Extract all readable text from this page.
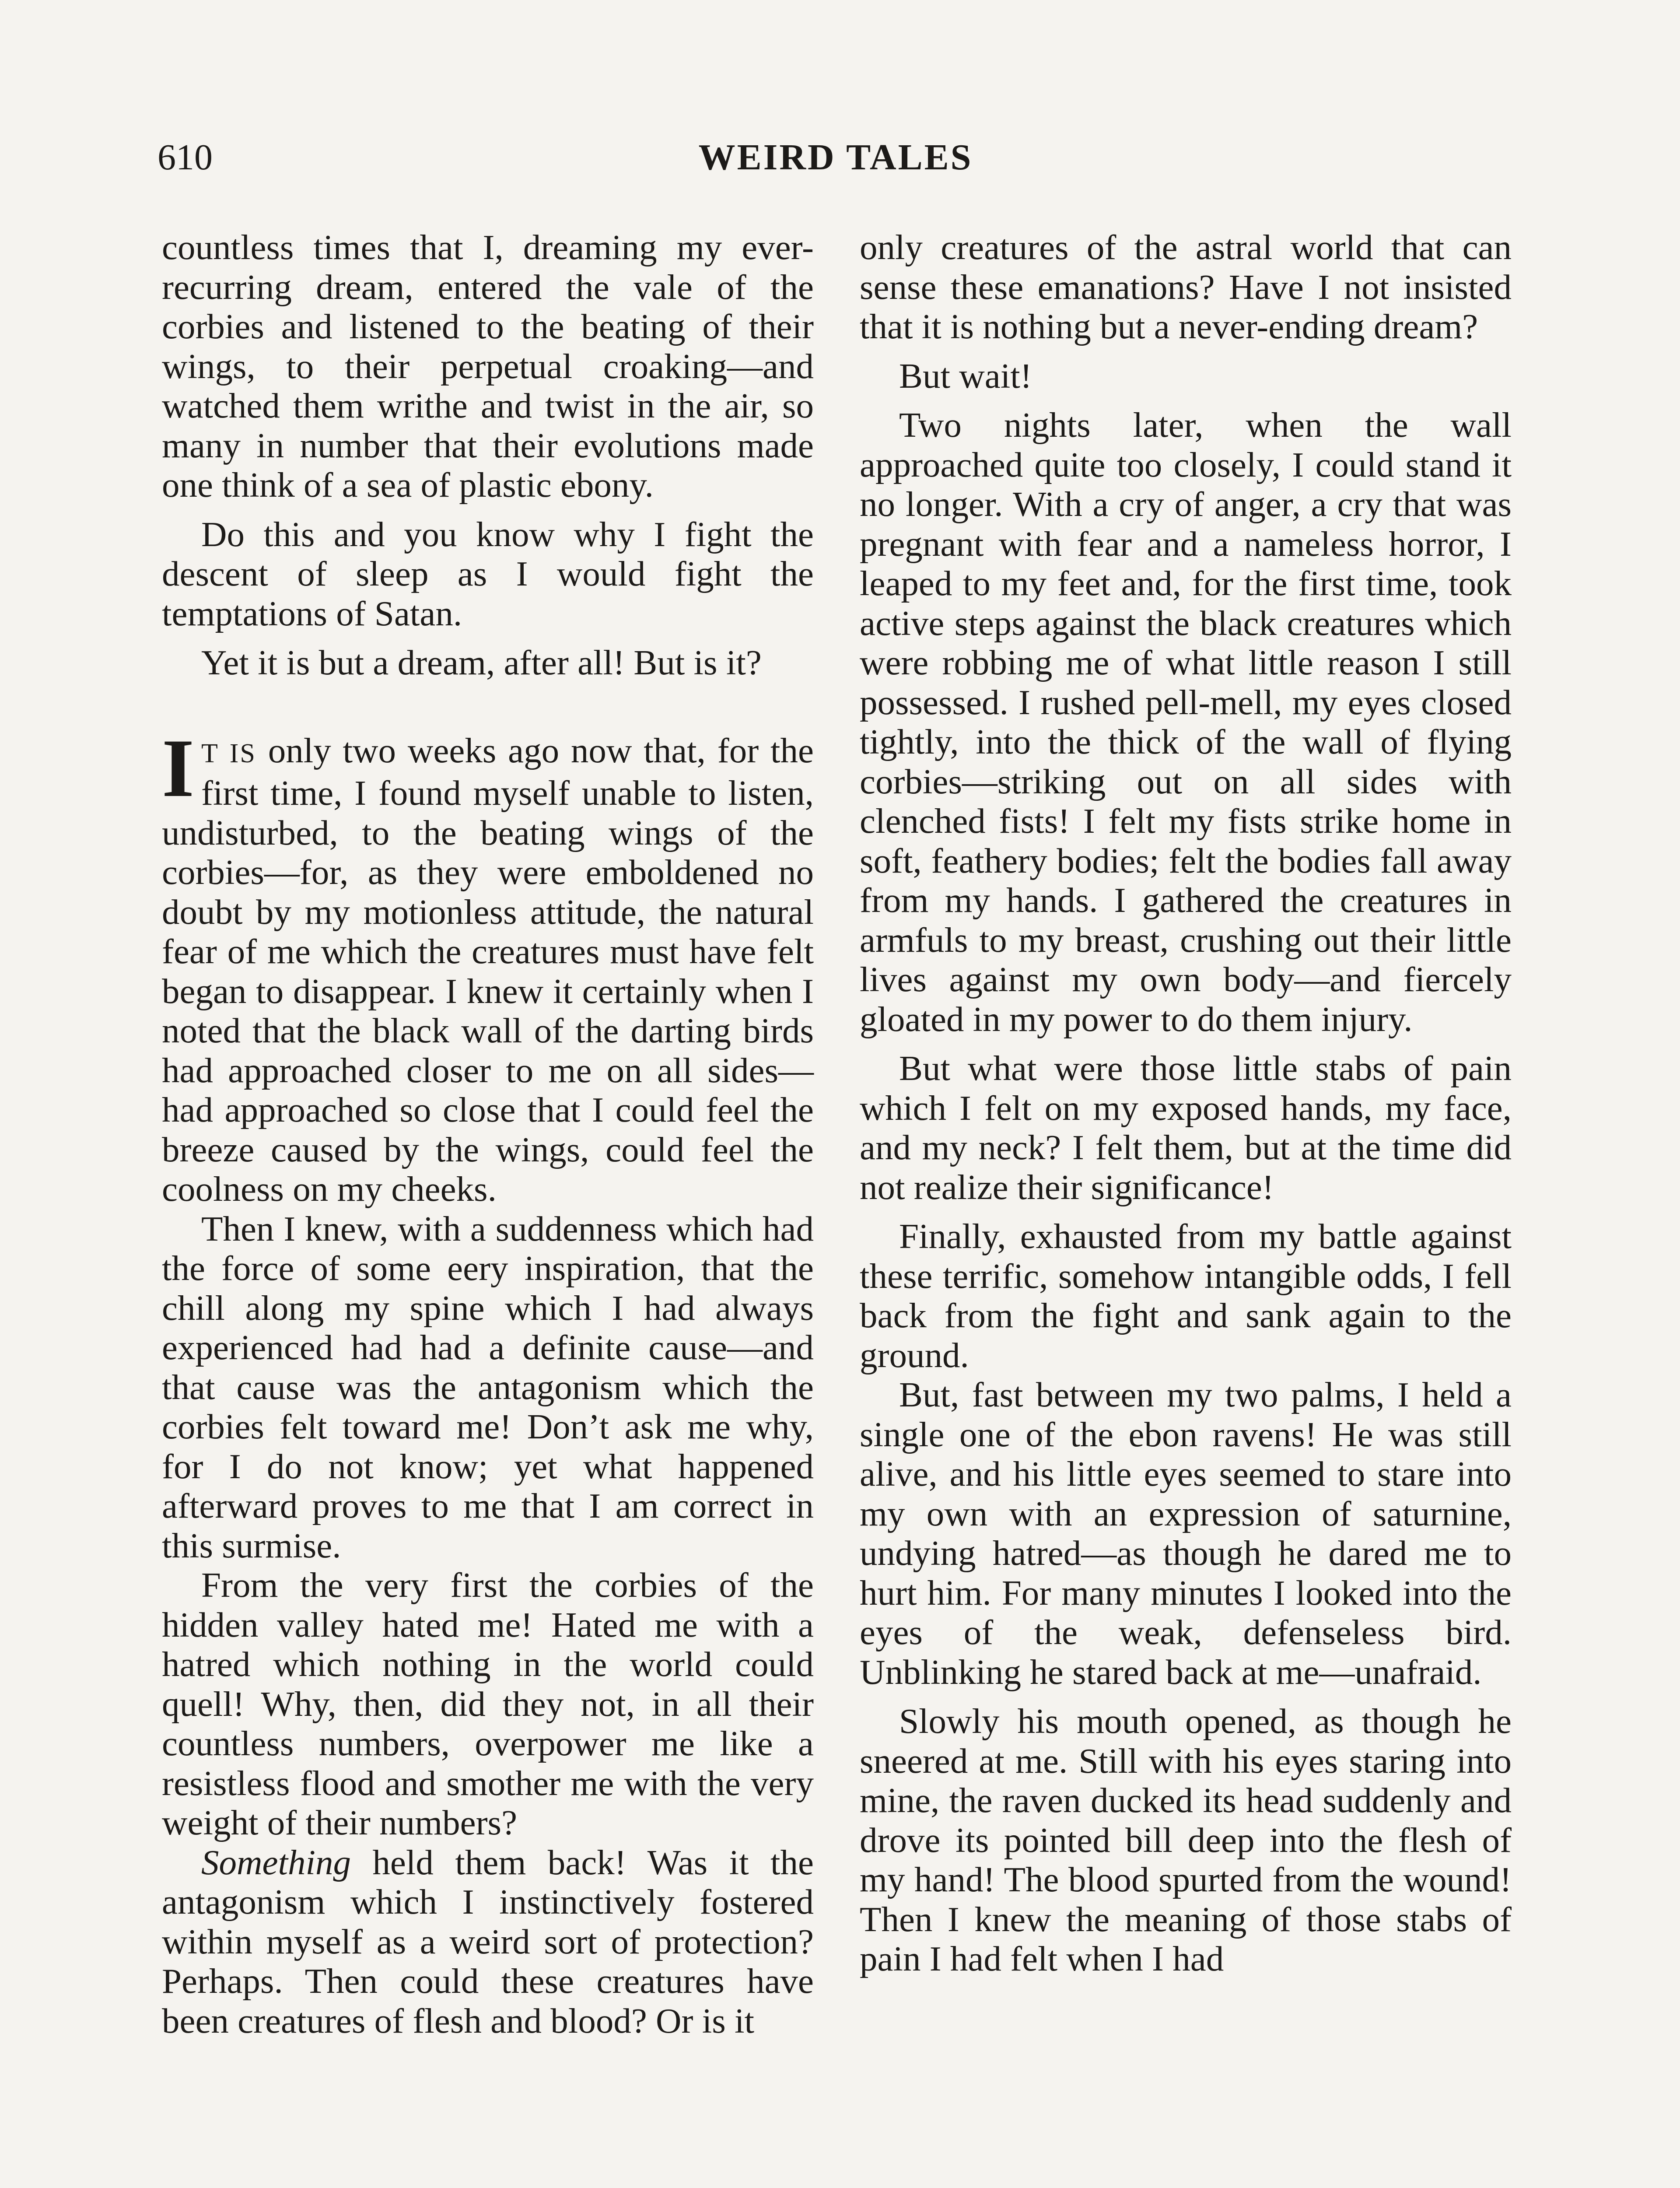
610	WEIRD TALES

countless times that I, dreaming my ever-recurring dream, entered the vale of the corbies and listened to the beating of their wings, to their perpetual croaking—and watched them writhe and twist in the air, so many in number that their evolutions made one think of a sea of plastic ebony.

Do this and you know why I fight the descent of sleep as I would fight the temptations of Satan.

Yet it is but a dream, after all! But is it?

I T IS only two weeks ago now that, for the first time, I found myself unable to listen, undisturbed, to the beating wings of the corbies—for, as they were emboldened no doubt by my motionless attitude, the natural fear of me which the creatures must have felt began to disappear. I knew it certainly when I noted that the black wall of the darting birds had approached closer to me on all sides—had approached so close that I could feel the breeze caused by the wings, could feel the coolness on my cheeks.

Then I knew, with a suddenness which had the force of some eery inspiration, that the chill along my spine which I had always experienced had had a definite cause—and that cause was the antagonism which the corbies felt toward me! Don’t ask me why, for I do not know; yet what happened afterward proves to me that I am correct in this surmise.

From the very first the corbies of the hidden valley hated me! Hated me with a hatred which nothing in the world could quell! Why, then, did they not, in all their countless numbers, overpower me like a resistless flood and smother me with the very weight of their numbers?

Something held them back! Was it the antagonism which I instinctively fostered within myself as a weird sort of protection? Perhaps. Then could these creatures have been creatures of flesh and blood? Or is it

only creatures of the astral world that can sense these emanations? Have I not insisted that it is nothing but a never-ending dream?

But wait!

Two nights later, when the wall approached quite too closely, I could stand it no longer. With a cry of anger, a cry that was pregnant with fear and a nameless horror, I leaped to my feet and, for the first time, took active steps against the black creatures which were robbing me of what little reason I still possessed. I rushed pell-mell, my eyes closed tightly, into the thick of the wall of flying corbies—striking out on all sides with clenched fists! I felt my fists strike home in soft, feathery bodies; felt the bodies fall away from my hands. I gathered the creatures in armfuls to my breast, crushing out their little lives against my own body—and fiercely gloated in my power to do them injury.

But what were those little stabs of pain which I felt on my exposed hands, my face, and my neck? I felt them, but at the time did not realize their significance!

Finally, exhausted from my battle against these terrific, somehow intangible odds, I fell back from the fight and sank again to the ground.

But, fast between my two palms, I held a single one of the ebon ravens! He was still alive, and his little eyes seemed to stare into my own with an expression of saturnine, undying hatred—as though he dared me to hurt him. For many minutes I looked into the eyes of the weak, defenseless bird. Unblinking he stared back at me—unafraid.

Slowly his mouth opened, as though he sneered at me. Still with his eyes staring into mine, the raven ducked its head suddenly and drove its pointed bill deep into the flesh of my hand! The blood spurted from the wound! Then I knew the meaning of those stabs of pain I had felt when I had
